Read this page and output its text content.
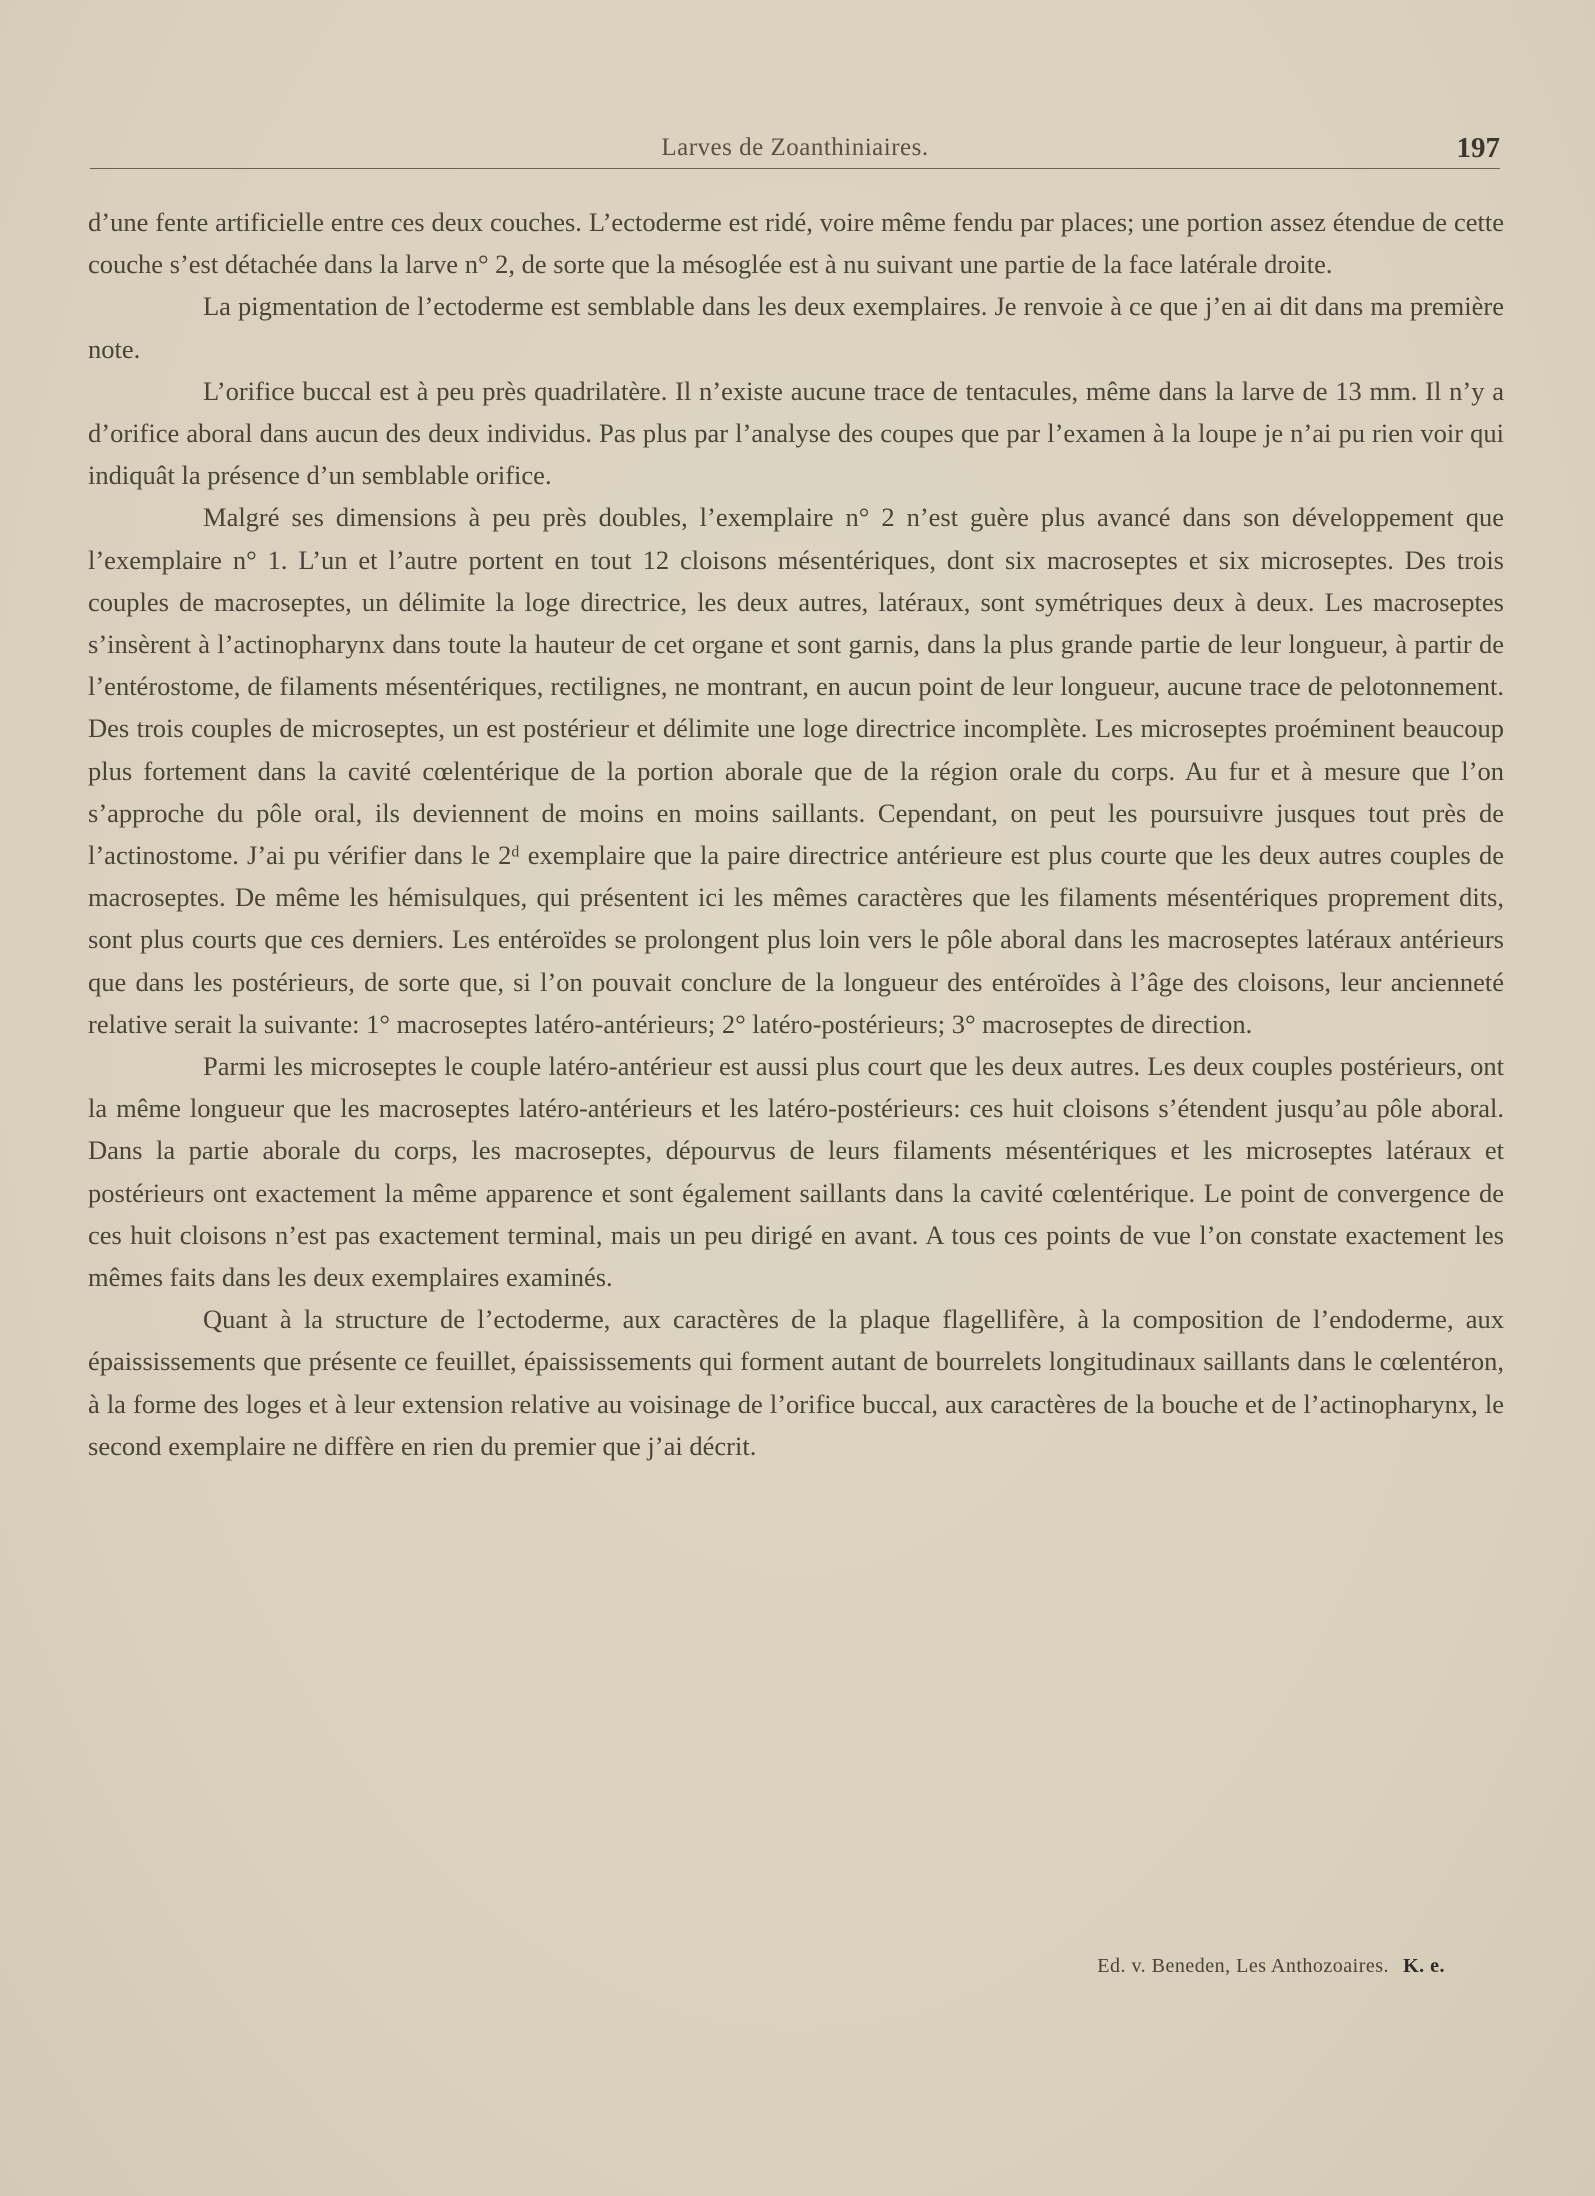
Larves de Zoanthiniaires.	197

d’une fente artificielle entre ces deux couches. L’ectoderme est ridé, voire même fendu par places; une portion assez étendue de cette couche s’est détachée dans la larve n° 2, de sorte que la mésoglée est à nu suivant une partie de la face latérale droite.

La pigmentation de l’ectoderme est semblable dans les deux exemplaires. Je renvoie à ce que j’en ai dit dans ma première note.

L’orifice buccal est à peu près quadrilatère. Il n’existe aucune trace de tentacules, même dans la larve de 13 mm. Il n’y a d’orifice aboral dans aucun des deux individus. Pas plus par l’analyse des coupes que par l’examen à la loupe je n’ai pu rien voir qui indiquât la présence d’un semblable orifice.

Malgré ses dimensions à peu près doubles, l’exemplaire n° 2 n’est guère plus avancé dans son développement que l’exemplaire n° 1. L’un et l’autre portent en tout 12 cloisons mésentériques, dont six macroseptes et six microseptes. Des trois couples de macroseptes, un délimite la loge directrice, les deux autres, latéraux, sont symétriques deux à deux. Les macroseptes s’insèrent à l’actinopharynx dans toute la hauteur de cet organe et sont garnis, dans la plus grande partie de leur longueur, à partir de l’entérostome, de filaments mésentériques, rectilignes, ne montrant, en aucun point de leur longueur, aucune trace de pelotonnement. Des trois couples de microseptes, un est postérieur et délimite une loge directrice incomplète. Les microseptes proéminent beaucoup plus fortement dans la cavité cœlentérique de la portion aborale que de la région orale du corps. Au fur et à mesure que l’on s’approche du pôle oral, ils deviennent de moins en moins saillants. Cependant, on peut les poursuivre jusques tout près de l’actinostome. J’ai pu vérifier dans le 2ᵈ exemplaire que la paire directrice antérieure est plus courte que les deux autres couples de macroseptes. De même les hémisulques, qui présentent ici les mêmes caractères que les filaments mésentériques proprement dits, sont plus courts que ces derniers. Les entéroïdes se prolongent plus loin vers le pôle aboral dans les macroseptes latéraux antérieurs que dans les postérieurs, de sorte que, si l’on pouvait conclure de la longueur des entéroïdes à l’âge des cloisons, leur ancienneté relative serait la suivante: 1° macroseptes latéro-antérieurs; 2° latéro-postérieurs; 3° macroseptes de direction.

Parmi les microseptes le couple latéro-antérieur est aussi plus court que les deux autres. Les deux couples postérieurs, ont la même longueur que les macroseptes latéro-antérieurs et les latéro-postérieurs: ces huit cloisons s’étendent jusqu’au pôle aboral. Dans la partie aborale du corps, les macroseptes, dépourvus de leurs filaments mésentériques et les microseptes latéraux et postérieurs ont exactement la même apparence et sont également saillants dans la cavité cœlentérique. Le point de convergence de ces huit cloisons n’est pas exactement terminal, mais un peu dirigé en avant. A tous ces points de vue l’on constate exactement les mêmes faits dans les deux exemplaires examinés.

Quant à la structure de l’ectoderme, aux caractères de la plaque flagellifère, à la composition de l’endoderme, aux épaississements que présente ce feuillet, épaississements qui forment autant de bourrelets longitudinaux saillants dans le cœlentéron, à la forme des loges et à leur extension relative au voisinage de l’orifice buccal, aux caractères de la bouche et de l’actinopharynx, le second exemplaire ne diffère en rien du premier que j’ai décrit.

Ed. v. Beneden, Les Anthozoaires. K. e.
